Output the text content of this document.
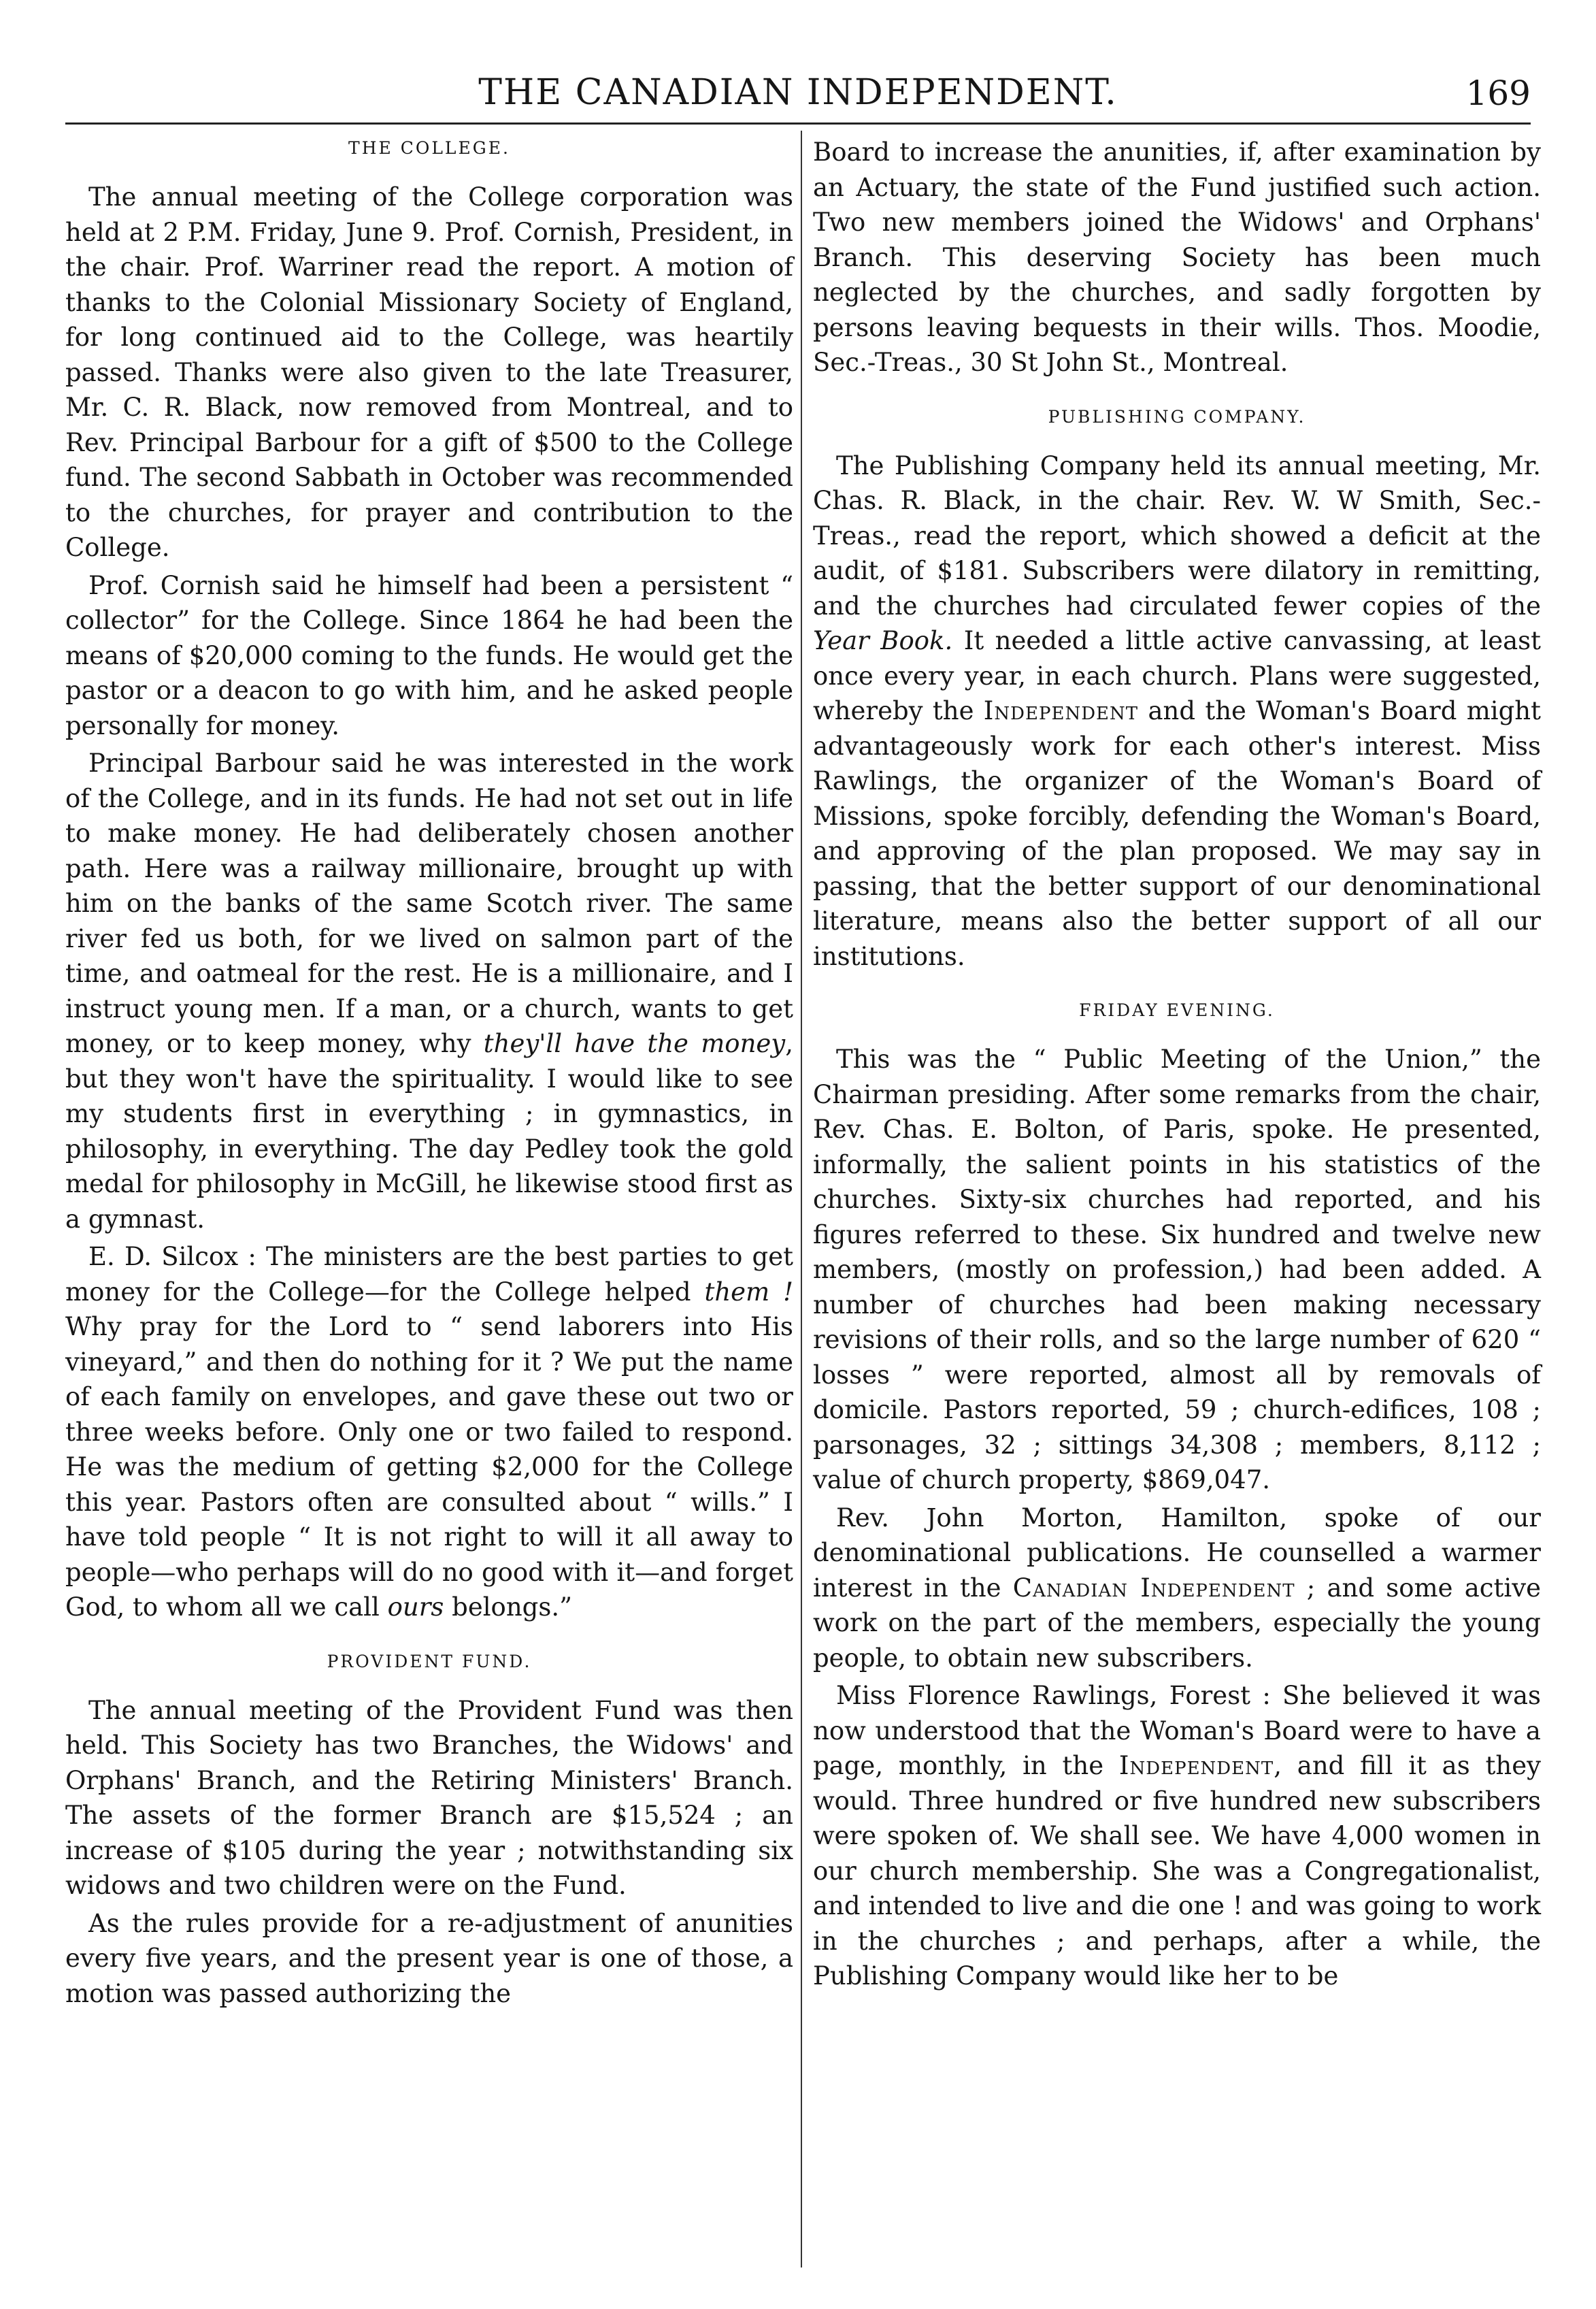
THE CANADIAN INDEPENDENT.	169
THE COLLEGE.

The annual meeting of the College corporation was held at 2 P.M. Friday, June 9. Prof. Cornish, President, in the chair. Prof. Warriner read the report. A motion of thanks to the Colonial Missionary Society of England, for long continued aid to the College, was heartily passed. Thanks were also given to the late Treasurer, Mr. C. R. Black, now removed from Montreal, and to Rev. Principal Barbour for a gift of $500 to the College fund. The second Sabbath in October was recommended to the churches, for prayer and contribution to the College.

Prof. Cornish said he himself had been a persistent “ collector” for the College. Since 1864 he had been the means of $20,000 coming to the funds. He would get the pastor or a deacon to go with him, and he asked people personally for money.

Principal Barbour said he was interested in the work of the College, and in its funds. He had not set out in life to make money. He had deliberately chosen another path. Here was a railway millionaire, brought up with him on the banks of the same Scotch river. The same river fed us both, for we lived on salmon part of the time, and oatmeal for the rest. He is a millionaire, and I instruct young men. If a man, or a church, wants to get money, or to keep money, why they'll have the money, but they won't have the spirituality. I would like to see my students first in everything ; in gymnastics, in philosophy, in everything. The day Pedley took the gold medal for philosophy in McGill, he likewise stood first as a gymnast.

E. D. Silcox : The ministers are the best parties to get money for the College—for the College helped them ! Why pray for the Lord to “ send laborers into His vineyard,” and then do nothing for it ? We put the name of each family on envelopes, and gave these out two or three weeks before. Only one or two failed to respond. He was the medium of getting $2,000 for the College this year. Pastors often are consulted about “ wills.” I have told people “ It is not right to will it all away to people—who perhaps will do no good with it—and forget God, to whom all we call ours belongs.”

PROVIDENT FUND.

The annual meeting of the Provident Fund was then held. This Society has two Branches, the Widows' and Orphans' Branch, and the Retiring Ministers' Branch. The assets of the former Branch are $15,524 ; an increase of $105 during the year ; notwithstanding six widows and two children were on the Fund.

As the rules provide for a re-adjustment of anunities every five years, and the present year is one of those, a motion was passed authorizing the

Board to increase the anunities, if, after examination by an Actuary, the state of the Fund justified such action. Two new members joined the Widows' and Orphans' Branch. This deserving Society has been much neglected by the churches, and sadly forgotten by persons leaving bequests in their wills. Thos. Moodie, Sec.-Treas., 30 St John St., Montreal.

PUBLISHING COMPANY.

The Publishing Company held its annual meeting, Mr. Chas. R. Black, in the chair. Rev. W. W Smith, Sec.-Treas., read the report, which showed a deficit at the audit, of $181. Subscribers were dilatory in remitting, and the churches had circulated fewer copies of the Year Book. It needed a little active canvassing, at least once every year, in each church. Plans were suggested, whereby the Independent and the Woman's Board might advantageously work for each other's interest. Miss Rawlings, the organizer of the Woman's Board of Missions, spoke forcibly, defending the Woman's Board, and approving of the plan proposed. We may say in passing, that the better support of our denominational literature, means also the better support of all our institutions.

FRIDAY EVENING.

This was the “ Public Meeting of the Union,” the Chairman presiding. After some remarks from the chair, Rev. Chas. E. Bolton, of Paris, spoke. He presented, informally, the salient points in his statistics of the churches. Sixty-six churches had reported, and his figures referred to these. Six hundred and twelve new members, (mostly on profession,) had been added. A number of churches had been making necessary revisions of their rolls, and so the large number of 620 “ losses ” were reported, almost all by removals of domicile. Pastors reported, 59 ; church-edifices, 108 ; parsonages, 32 ; sittings 34,308 ; members, 8,112 ; value of church property, $869,047.

Rev. John Morton, Hamilton, spoke of our denominational publications. He counselled a warmer interest in the Canadian Independent ; and some active work on the part of the members, especially the young people, to obtain new subscribers.

Miss Florence Rawlings, Forest : She believed it was now understood that the Woman's Board were to have a page, monthly, in the Independent, and fill it as they would. Three hundred or five hundred new subscribers were spoken of. We shall see. We have 4,000 women in our church membership. She was a Congregationalist, and intended to live and die one ! and was going to work in the churches ; and perhaps, after a while, the Publishing Company would like her to be
